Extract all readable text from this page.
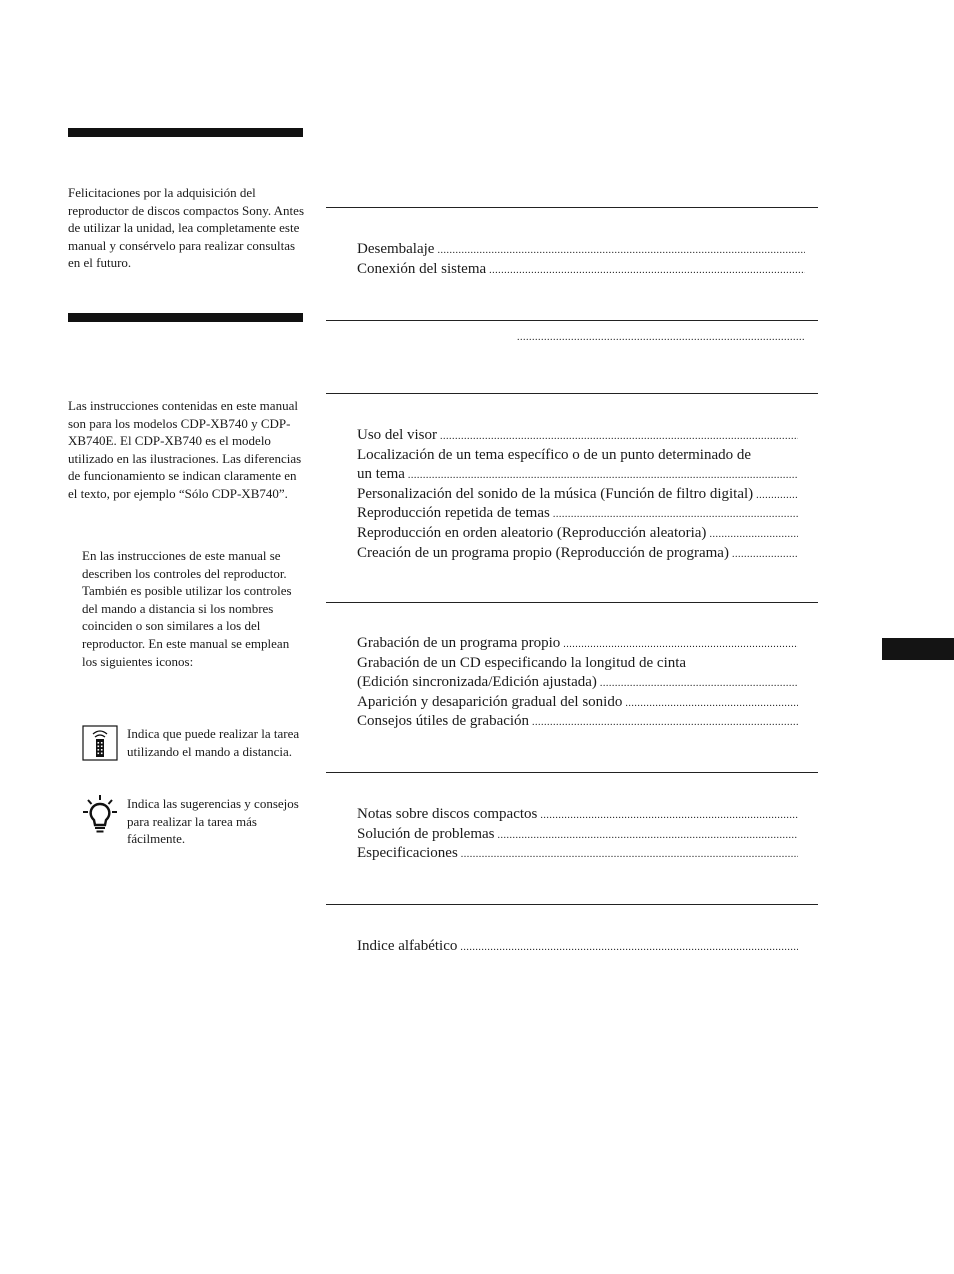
Felicitaciones por la adquisición del reproductor de discos compactos Sony. Antes de utilizar la unidad, lea completamente este manual y consérvelo para realizar consultas en el futuro.

Las instrucciones contenidas en este manual son para los modelos CDP-XB740 y CDP-XB740E. El CDP-XB740 es el modelo utilizado en las ilustraciones. Las diferencias de funcionamiento se indican claramente en el texto, por ejemplo “Sólo CDP-XB740”.

En las instrucciones de este manual se describen los controles del reproductor. También es posible utilizar los controles del mando a distancia si los nombres coinciden o son similares a los del reproductor. En este manual se emplean los siguientes iconos:

Indica que puede realizar la tarea utilizando el mando a distancia.

Indica las sugerencias y consejos para realizar la tarea más fácilmente.

Desembalaje
.....
Conexión del sistema
.....
.....
Uso del visor
.....
Localización de un tema específico o de un punto determinado de
un tema
.....
Personalización del sonido de la música (Función de filtro digital)
.....
Reproducción repetida de temas
.....
Reproducción en orden aleatorio (Reproducción aleatoria)
.....
Creación de un programa propio (Reproducción de programa)
.....
Grabación de un programa propio
.....
Grabación de un CD especificando la longitud de cinta
(Edición sincronizada/Edición ajustada)
.....
Aparición y desaparición gradual del sonido
.....
Consejos útiles de grabación
.....
Notas sobre discos compactos
.....
Solución de problemas
.....
Especificaciones
.....
Indice alfabético
.....
